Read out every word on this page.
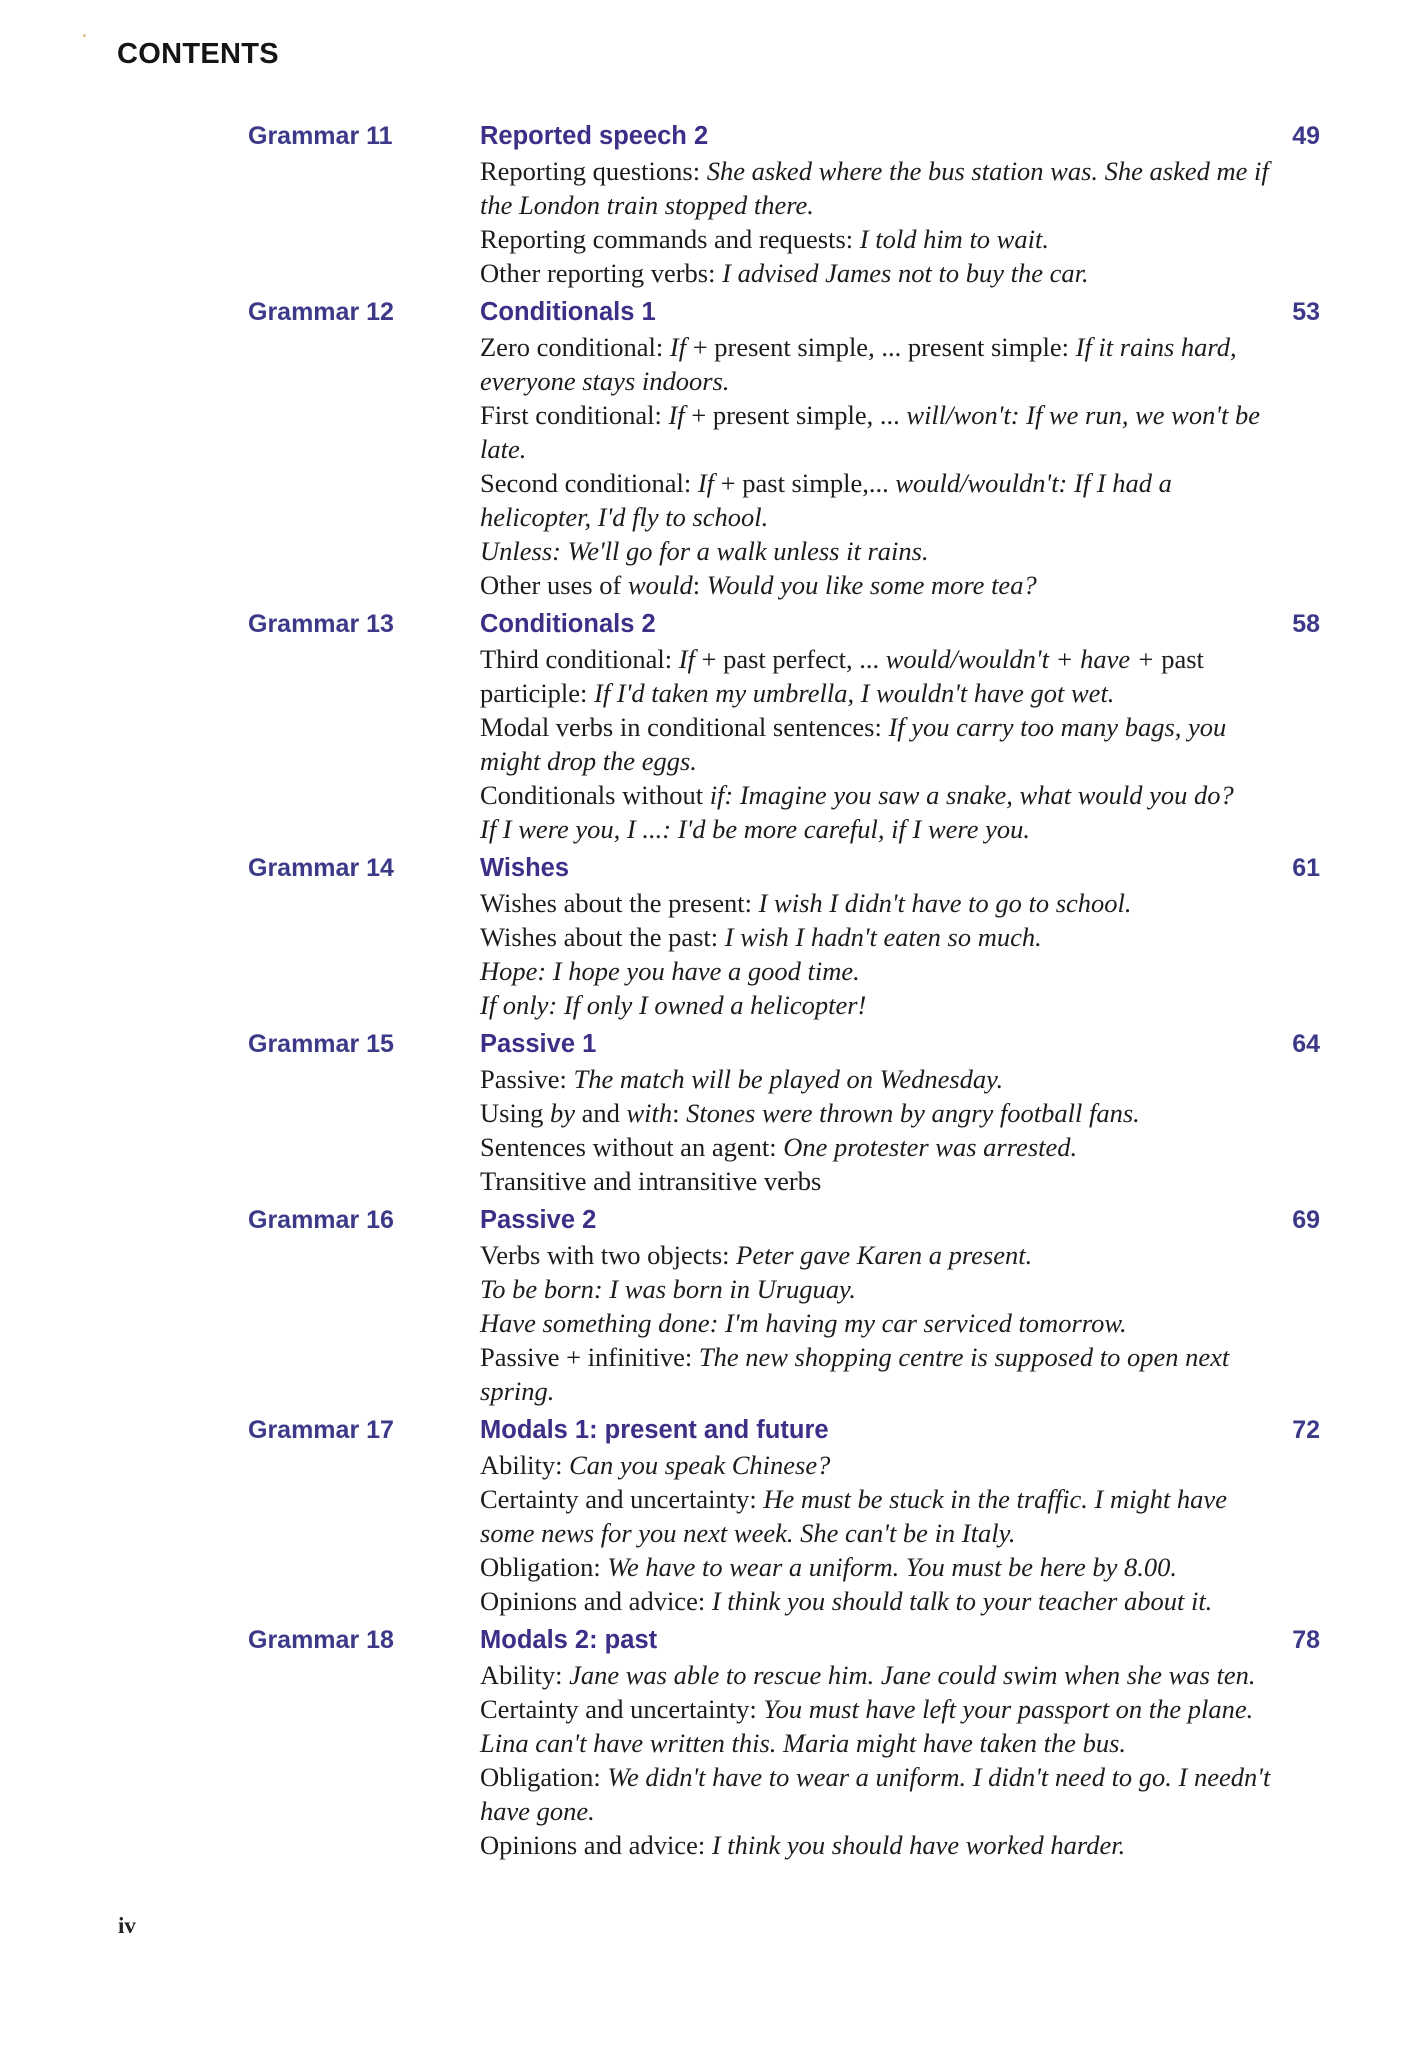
CONTENTS
Grammar 11	Reported speech 2	49

Reporting questions: She asked where the bus station was. She asked me if the London train stopped there.

Reporting commands and requests: I told him to wait.

Other reporting verbs: I advised James not to buy the car.

Grammar 12	Conditionals 1	53

Zero conditional: If + present simple, ... present simple: If it rains hard, everyone stays indoors.

First conditional: If + present simple, ... will/won't: If we run, we won't be late.

Second conditional: If + past simple,... would/wouldn't: If I had a helicopter, I'd fly to school.

Unless: We'll go for a walk unless it rains.

Other uses of would: Would you like some more tea?

Grammar 13	Conditionals 2	58

Third conditional: If + past perfect, ... would/wouldn't + have + past participle: If I'd taken my umbrella, I wouldn't have got wet.

Modal verbs in conditional sentences: If you carry too many bags, you might drop the eggs.

Conditionals without if: Imagine you saw a snake, what would you do?

If I were you, I ...: I'd be more careful, if I were you.

Grammar 14	Wishes	61

Wishes about the present: I wish I didn't have to go to school.

Wishes about the past: I wish I hadn't eaten so much.

Hope: I hope you have a good time.

If only: If only I owned a helicopter!

Grammar 15	Passive 1	64

Passive: The match will be played on Wednesday.

Using by and with: Stones were thrown by angry football fans.

Sentences without an agent: One protester was arrested.

Transitive and intransitive verbs

Grammar 16	Passive 2	69

Verbs with two objects: Peter gave Karen a present.

To be born: I was born in Uruguay.

Have something done: I'm having my car serviced tomorrow.

Passive + infinitive: The new shopping centre is supposed to open next spring.

Grammar 17	Modals 1: present and future	72

Ability: Can you speak Chinese?

Certainty and uncertainty: He must be stuck in the traffic. I might have some news for you next week. She can't be in Italy.

Obligation: We have to wear a uniform. You must be here by 8.00.

Opinions and advice: I think you should talk to your teacher about it.

Grammar 18	Modals 2: past	78

Ability: Jane was able to rescue him. Jane could swim when she was ten.

Certainty and uncertainty: You must have left your passport on the plane. Lina can't have written this. Maria might have taken the bus.

Obligation: We didn't have to wear a uniform. I didn't need to go. I needn't have gone.

Opinions and advice: I think you should have worked harder.

iv
